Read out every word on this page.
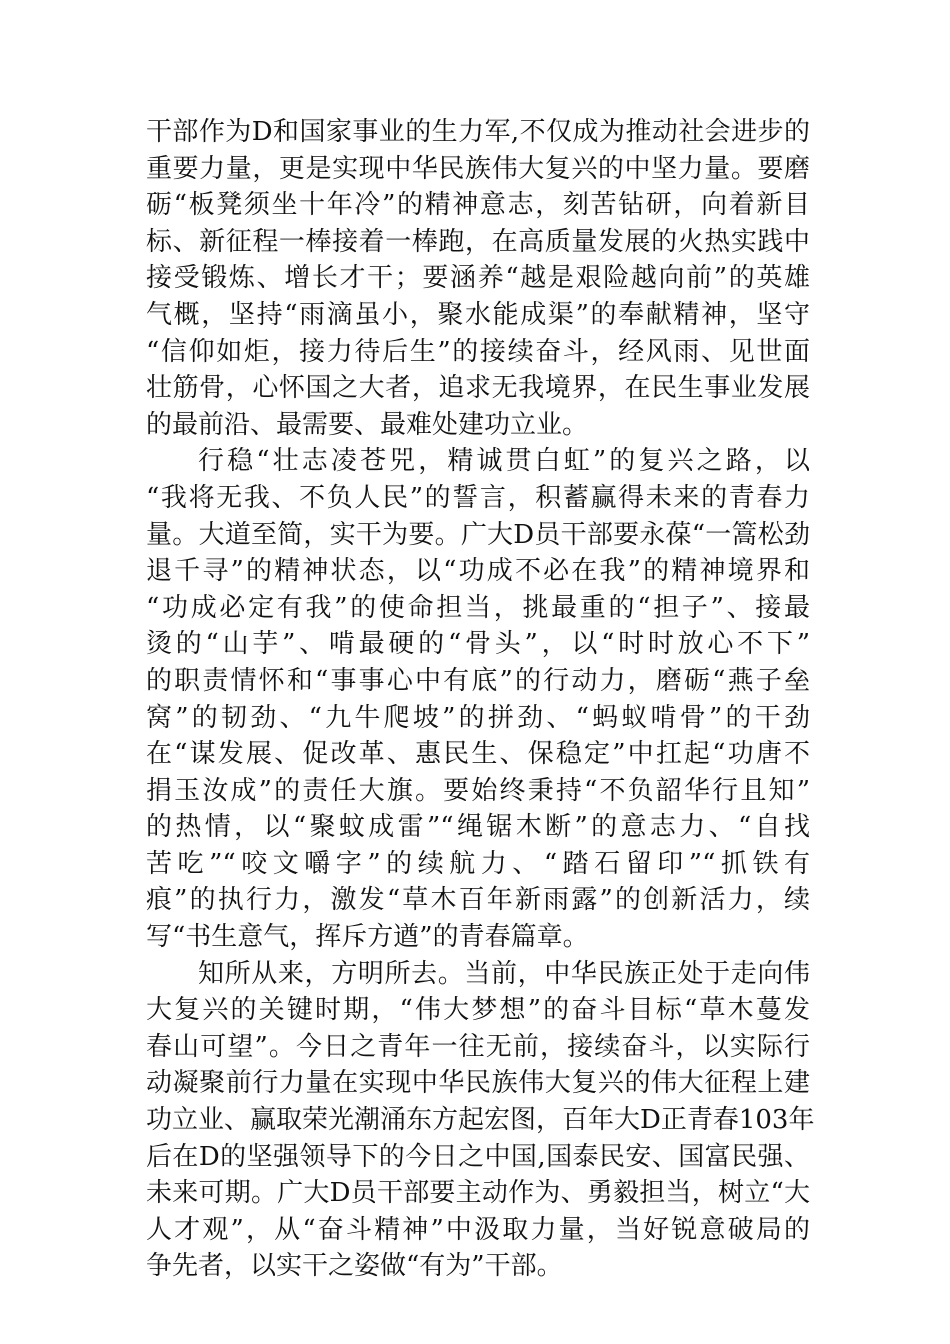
干部作为D和国家事业的生力军,不仅成为推动社会进步的
重要力量，更是实现中华民族伟大复兴的中坚力量。要磨
砺“板凳须坐十年冷”的精神意志，刻苦钻研，向着新目
标、新征程一棒接着一棒跑，在高质量发展的火热实践中
接受锻炼、增长才干；要涵养“越是艰险越向前”的英雄
气概，坚持“雨滴虽小，聚水能成渠”的奉献精神，坚守
“信仰如炬，接力待后生”的接续奋斗，经风雨、见世面
壮筋骨，心怀国之大者，追求无我境界，在民生事业发展
的最前沿、最需要、最难处建功立业。
行稳“壮志凌苍兕，精诚贯白虹”的复兴之路，以
“我将无我、不负人民”的誓言，积蓄赢得未来的青春力
量。大道至简，实干为要。广大D员干部要永葆“一篙松劲
退千寻”的精神状态，以“功成不必在我”的精神境界和
“功成必定有我”的使命担当，挑最重的“担子”、接最
烫的“山芋”、啃最硬的“骨头”，以“时时放心不下”
的职责情怀和“事事心中有底”的行动力，磨砺“燕子垒
窝”的韧劲、“九牛爬坡”的拼劲、“蚂蚁啃骨”的干劲
在“谋发展、促改革、惠民生、保稳定”中扛起“功唐不
捐玉汝成”的责任大旗。要始终秉持“不负韶华行且知”
的热情，以“聚蚊成雷”“绳锯木断”的意志力、“自找
苦吃”“咬文嚼字”的续航力、“踏石留印”“抓铁有
痕”的执行力，激发“草木百年新雨露”的创新活力，续
写“书生意气，挥斥方遒”的青春篇章。
知所从来，方明所去。当前，中华民族正处于走向伟
大复兴的关键时期，“伟大梦想”的奋斗目标“草木蔓发
春山可望”。今日之青年一往无前，接续奋斗，以实际行
动凝聚前行力量在实现中华民族伟大复兴的伟大征程上建
功立业、赢取荣光潮涌东方起宏图，百年大D正青春103年
后在D的坚强领导下的今日之中国,国泰民安、国富民强、
未来可期。广大D员干部要主动作为、勇毅担当，树立“大
人才观”，从“奋斗精神”中汲取力量，当好锐意破局的
争先者，以实干之姿做“有为”干部。
